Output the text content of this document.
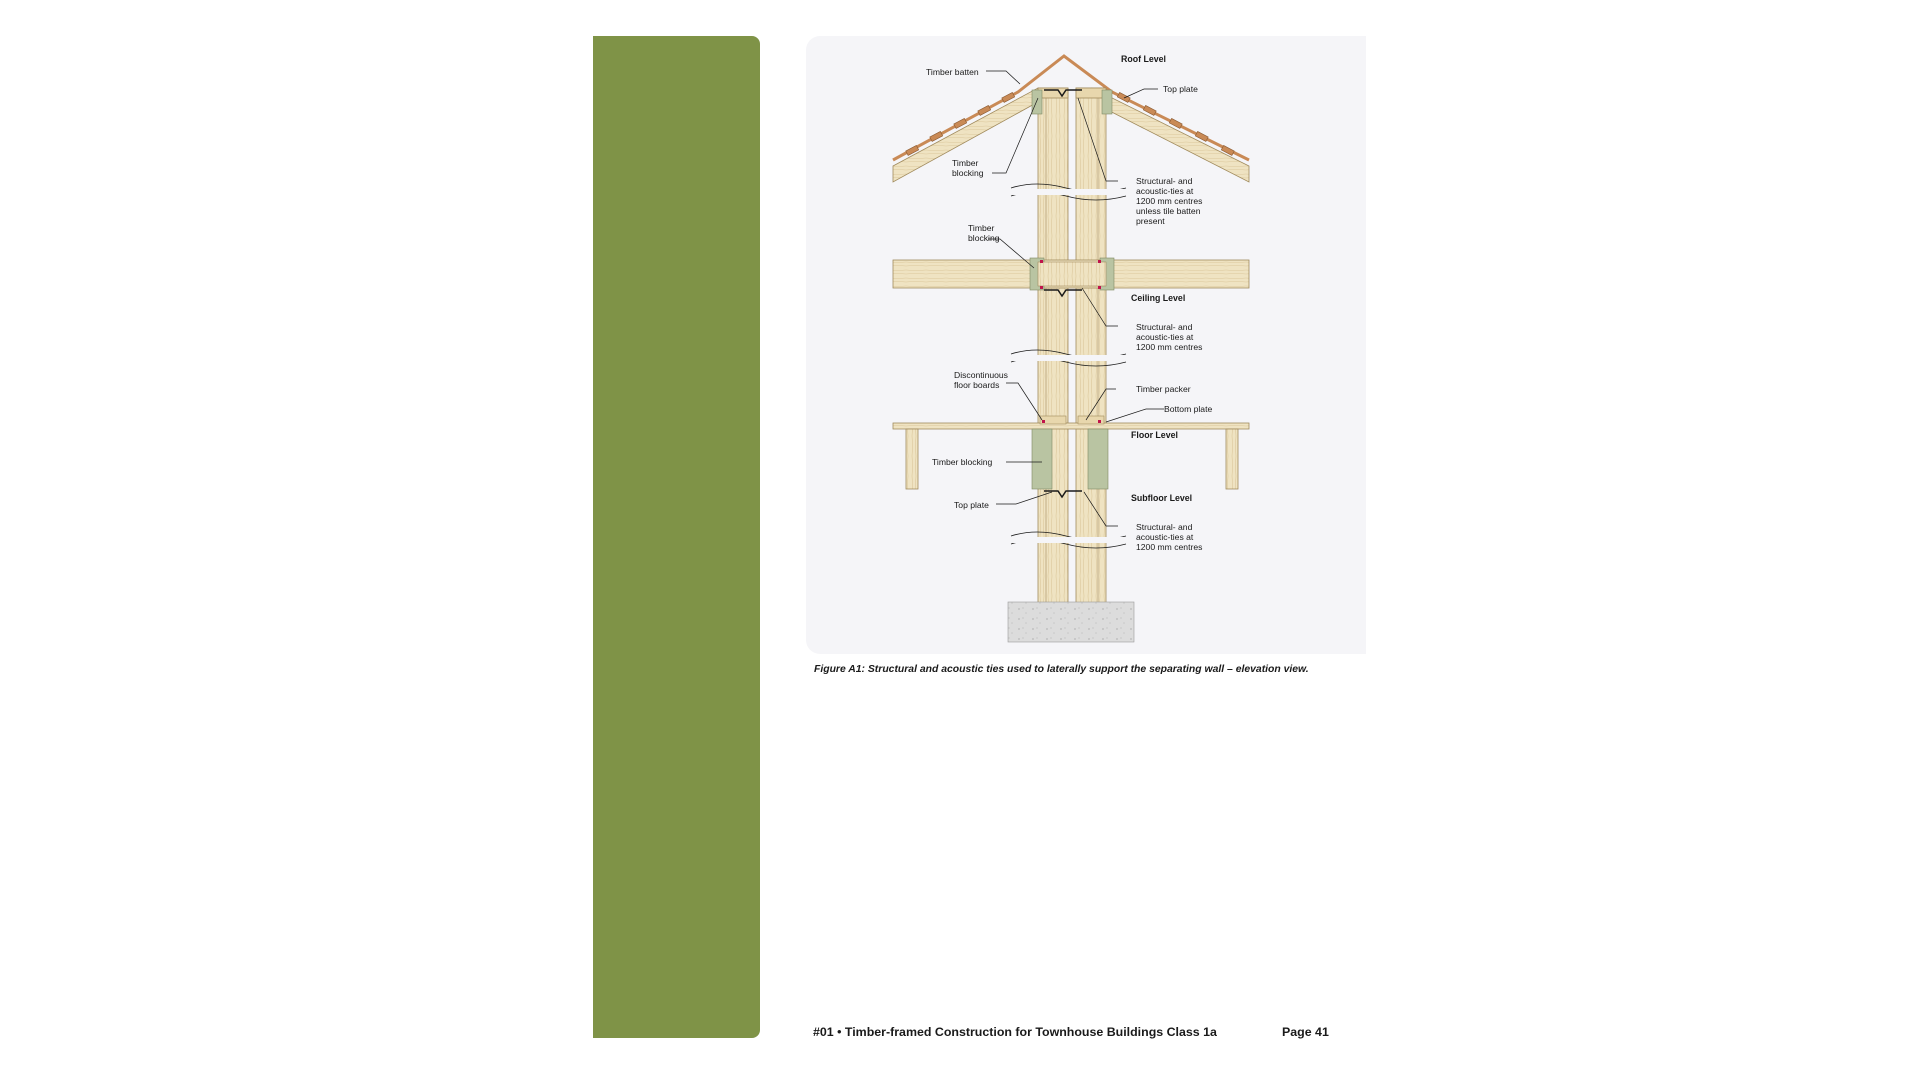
Timber batten
Roof Level
Top plate
Timber
blocking
Structural- and
acoustic-ties at
1200 mm centres
unless tile batten
present
Timber
blocking
Ceiling Level
Structural- and
acoustic-ties at
1200 mm centres
Discontinuous
floor boards	Timber packer
Bottom plate
Floor Level
Timber blocking
Subfloor Level
Top plate
Structural- and
acoustic-ties at
1200 mm centres
Figure A1: Structural and acoustic ties used to laterally support the separating wall – elevation view.
#01 • Timber-framed Construction for Townhouse Buildings Class 1a	Page 41
